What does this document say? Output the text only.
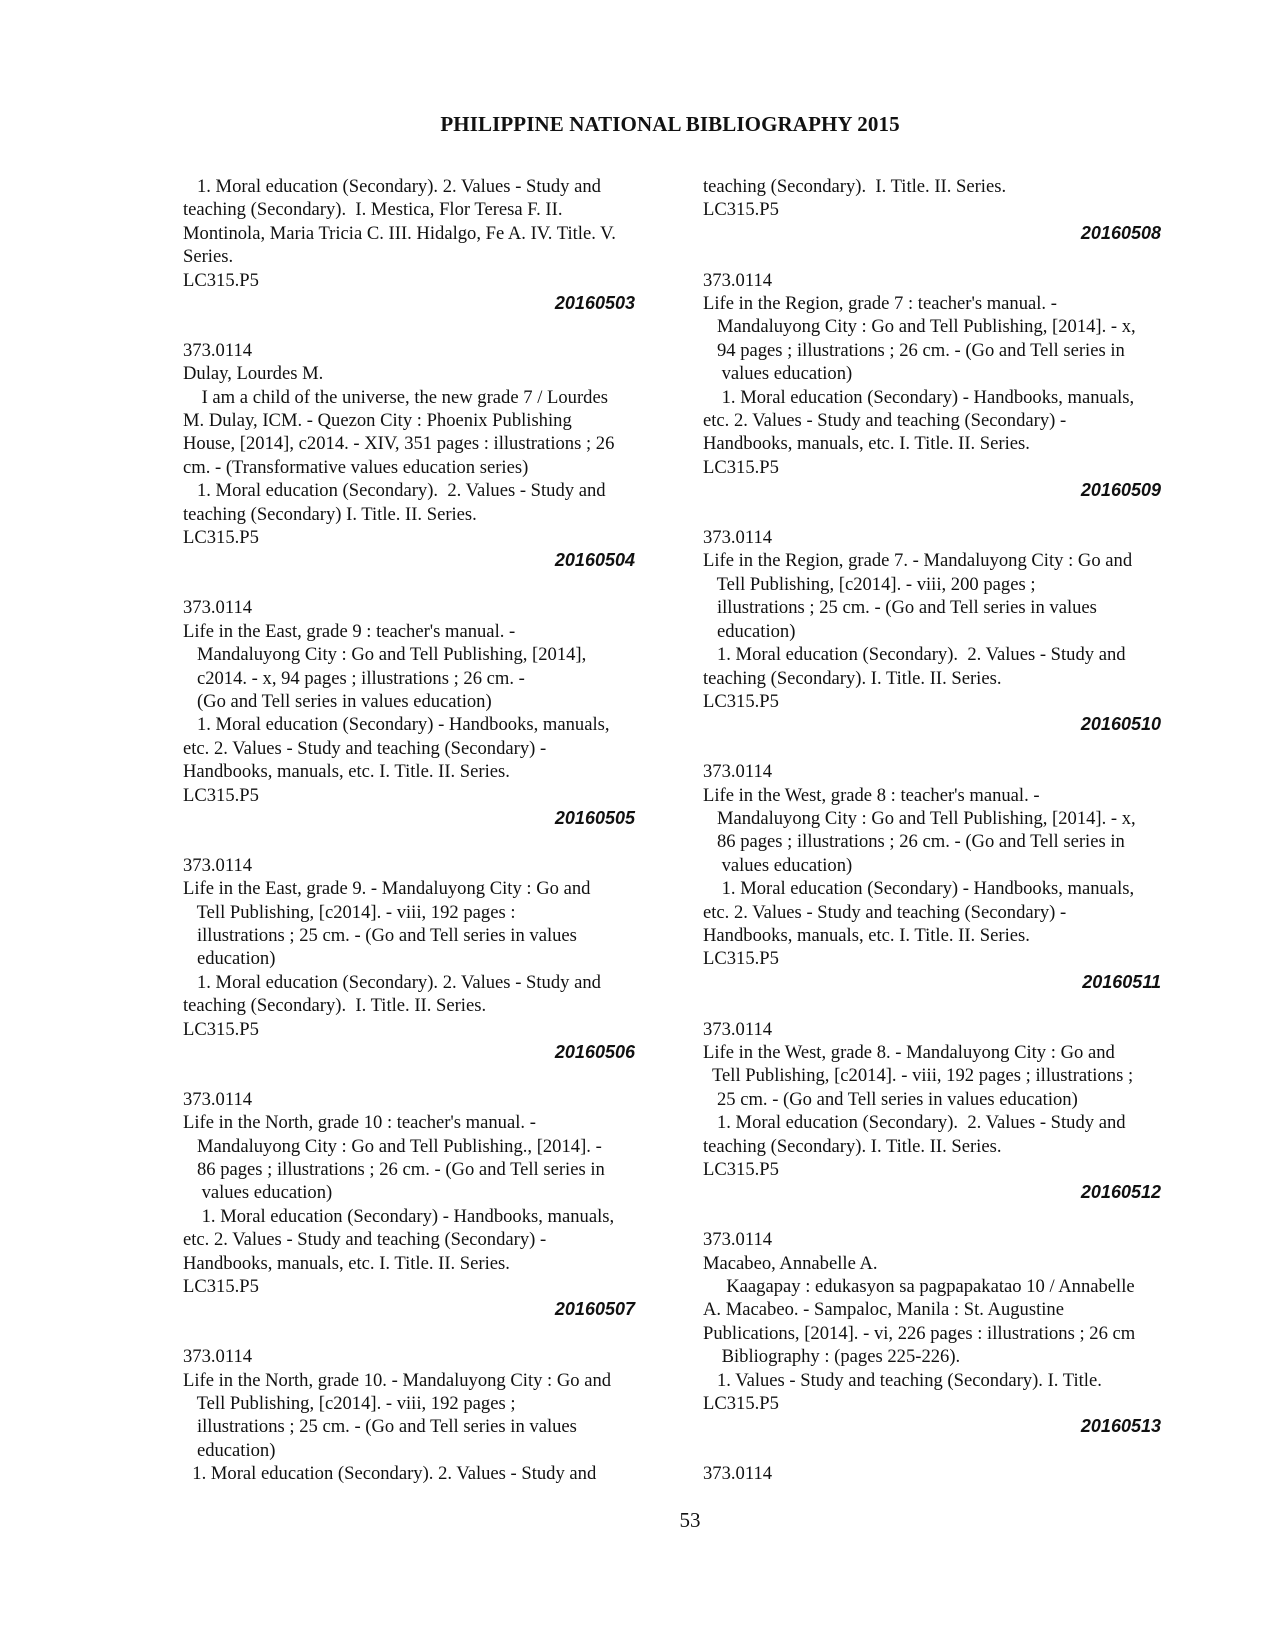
PHILIPPINE NATIONAL BIBLIOGRAPHY 2015
1. Moral education (Secondary). 2. Values - Study and
teaching (Secondary).  I. Mestica, Flor Teresa F. II.
Montinola, Maria Tricia C. III. Hidalgo, Fe A. IV. Title. V.
Series.
LC315.P5
20160503
373.0114
Dulay, Lourdes M.
I am a child of the universe, the new grade 7 / Lourdes
M. Dulay, ICM. - Quezon City : Phoenix Publishing
House, [2014], c2014. - XIV, 351 pages : illustrations ; 26
cm. - (Transformative values education series)
1. Moral education (Secondary).  2. Values - Study and
teaching (Secondary) I. Title. II. Series.
LC315.P5
20160504
373.0114
Life in the East, grade 9 : teacher's manual. -
Mandaluyong City : Go and Tell Publishing, [2014],
c2014. - x, 94 pages ; illustrations ; 26 cm. -
(Go and Tell series in values education)
1. Moral education (Secondary) - Handbooks, manuals,
etc. 2. Values - Study and teaching (Secondary) -
Handbooks, manuals, etc. I. Title. II. Series.
LC315.P5
20160505
373.0114
Life in the East, grade 9. - Mandaluyong City : Go and
Tell Publishing, [c2014]. - viii, 192 pages :
illustrations ; 25 cm. - (Go and Tell series in values
education)
1. Moral education (Secondary). 2. Values - Study and
teaching (Secondary).  I. Title. II. Series.
LC315.P5
20160506
373.0114
Life in the North, grade 10 : teacher's manual. -
Mandaluyong City : Go and Tell Publishing., [2014]. -
86 pages ; illustrations ; 26 cm. - (Go and Tell series in
values education)
1. Moral education (Secondary) - Handbooks, manuals,
etc. 2. Values - Study and teaching (Secondary) -
Handbooks, manuals, etc. I. Title. II. Series.
LC315.P5
20160507
373.0114
Life in the North, grade 10. - Mandaluyong City : Go and
Tell Publishing, [c2014]. - viii, 192 pages ;
illustrations ; 25 cm. - (Go and Tell series in values
education)
1. Moral education (Secondary). 2. Values - Study and
teaching (Secondary).  I. Title. II. Series.
LC315.P5
20160508
373.0114
Life in the Region, grade 7 : teacher's manual. -
Mandaluyong City : Go and Tell Publishing, [2014]. - x,
94 pages ; illustrations ; 26 cm. - (Go and Tell series in
values education)
1. Moral education (Secondary) - Handbooks, manuals,
etc. 2. Values - Study and teaching (Secondary) -
Handbooks, manuals, etc. I. Title. II. Series.
LC315.P5
20160509
373.0114
Life in the Region, grade 7. - Mandaluyong City : Go and
Tell Publishing, [c2014]. - viii, 200 pages ;
illustrations ; 25 cm. - (Go and Tell series in values
education)
1. Moral education (Secondary).  2. Values - Study and
teaching (Secondary). I. Title. II. Series.
LC315.P5
20160510
373.0114
Life in the West, grade 8 : teacher's manual. -
Mandaluyong City : Go and Tell Publishing, [2014]. - x,
86 pages ; illustrations ; 26 cm. - (Go and Tell series in
values education)
1. Moral education (Secondary) - Handbooks, manuals,
etc. 2. Values - Study and teaching (Secondary) -
Handbooks, manuals, etc. I. Title. II. Series.
LC315.P5
20160511
373.0114
Life in the West, grade 8. - Mandaluyong City : Go and
Tell Publishing, [c2014]. - viii, 192 pages ; illustrations ;
25 cm. - (Go and Tell series in values education)
1. Moral education (Secondary).  2. Values - Study and
teaching (Secondary). I. Title. II. Series.
LC315.P5
20160512
373.0114
Macabeo, Annabelle A.
Kaagapay : edukasyon sa pagpapakatao 10 / Annabelle
A. Macabeo. - Sampaloc, Manila : St. Augustine
Publications, [2014]. - vi, 226 pages : illustrations ; 26 cm
Bibliography : (pages 225-226).
1. Values - Study and teaching (Secondary). I. Title.
LC315.P5
20160513
373.0114
53
